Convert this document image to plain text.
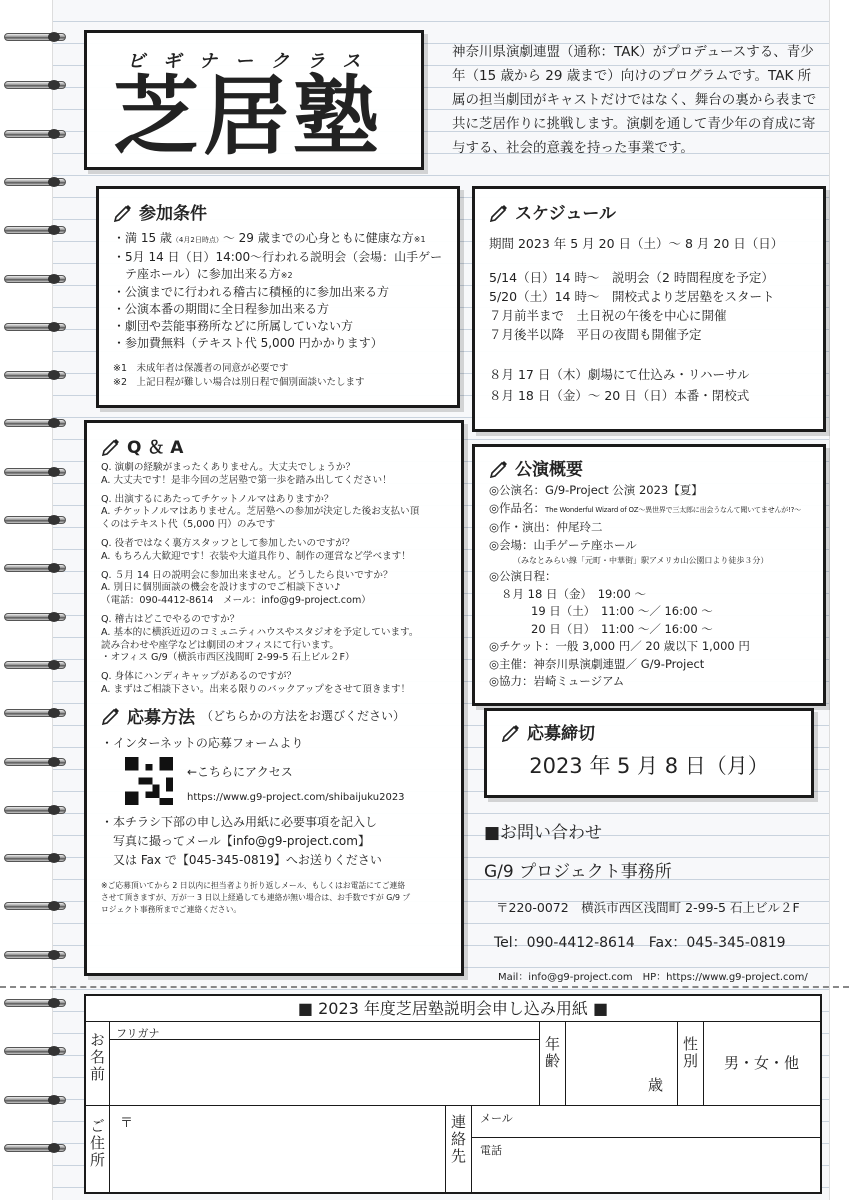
ビギナークラス
芝居塾
神奈川県演劇連盟（通称：TAK）がプロデュースする、青少
年（15 歳から 29 歳まで）向けのプログラムです。TAK 所
属の担当劇団がキャストだけではなく、舞台の裏から表まで
共に芝居作りに挑戦します。演劇を通して青少年の育成に寄
与する、社会的意義を持った事業です。
参加条件
・満 15 歳（4月2日時点）～ 29 歳までの心身ともに健康な方※1
・5月 14 日（日）14:00～行われる説明会（会場：山手ゲー
　テ座ホール）に参加出来る方※2
・公演までに行われる稽古に積極的に参加出来る方
・公演本番の期間に全日程参加出来る方
・劇団や芸能事務所などに所属していない方
・参加費無料（テキスト代 5,000 円かかります）
※1　未成年者は保護者の同意が必要です
※2　上記日程が難しい場合は別日程で個別面談いたします
スケジュール
期間 2023 年 5 月 20 日（土）～ 8 月 20 日（日）
5/14（日）14 時～　説明会（2 時間程度を予定）
5/20（土）14 時～　開校式より芝居塾をスタート
７月前半まで　土日祝の午後を中心に開催
７月後半以降　平日の夜間も開催予定
８月 17 日（木）劇場にて仕込み・リハーサル
８月 18 日（金）～ 20 日（日）本番・閉校式
Q ＆ A
Q. 演劇の経験がまったくありません。大丈夫でしょうか？
A. 大丈夫です！是非今回の芝居塾で第一歩を踏み出してください！
Q. 出演するにあたってチケットノルマはありますか？
A. チケットノルマはありません。芝居塾への参加が決定した後お支払い頂
くのはテキスト代（5,000 円）のみです
Q. 役者ではなく裏方スタッフとして参加したいのですが？
A. もちろん大歓迎です！衣装や大道具作り、制作の運営など学べます！
Q. ５月 14 日の説明会に参加出来ません。どうしたら良いですか？
A. 別日に個別面談の機会を設けますのでご相談下さい♪
（電話：090-4412-8614　メール：info@g9-project.com）
Q. 稽古はどこでやるのですか？
A. 基本的に横浜近辺のコミュニティハウスやスタジオを予定しています。
読み合わせや座学などは劇団のオフィスにて行います。
・オフィス G/9（横浜市西区浅間町 2-99-5 石上ビル２F）
Q. 身体にハンディキャップがあるのですが？
A. まずはご相談下さい。出来る限りのバックアップをさせて頂きます！
応募方法 （どちらかの方法をお選びください）
・インターネットの応募フォームより
←こちらにアクセス
https://www.g9-project.com/shibaijuku2023
・本チラシ下部の申し込み用紙に必要事項を記入し
　写真に撮ってメール【info@g9-project.com】
　又は Fax で【045-345-0819】へお送りください
※ご応募頂いてから 2 日以内に担当者より折り返しメール、もしくはお電話にてご連絡
させて頂きますが、万が一 3 日以上経過しても連絡が無い場合は、お手数ですが G/9 プ
ロジェクト事務所までご連絡ください。
公演概要
◎公演名：G/9-Project 公演 2023【夏】
◎作品名：The Wonderful Wizard of OZ～異世界で三太郎に出会うなんて聞いてませんが!?～
◎作・演出：仲尾玲二
◎会場：山手ゲーテ座ホール
（みなとみらい線「元町・中華街」駅アメリカ山公園口より徒歩３分）
◎公演日程：
８月 18 日（金）　19:00 ～
19 日（土）　11:00 ～／ 16:00 ～
20 日（日）　11:00 ～／ 16:00 ～
◎チケット：一般 3,000 円／ 20 歳以下 1,000 円
◎主催：神奈川県演劇連盟／ G/9-Project
◎協力：岩崎ミュージアム
応募締切
2023 年 5 月 8 日（月）
■お問い合わせ
G/9 プロジェクト事務所
〒220-0072　横浜市西区浅間町 2-99-5 石上ビル２F
Tel：090-4412-8614　Fax：045-345-0819
Mail：info@g9-project.com　HP：https://www.g9-project.com/
■ 2023 年度芝居塾説明会申し込み用紙 ■
お名前 フリガナ
年齢
歳
性別 男・女・他
ご住所 〒	連絡先 メール
電話
